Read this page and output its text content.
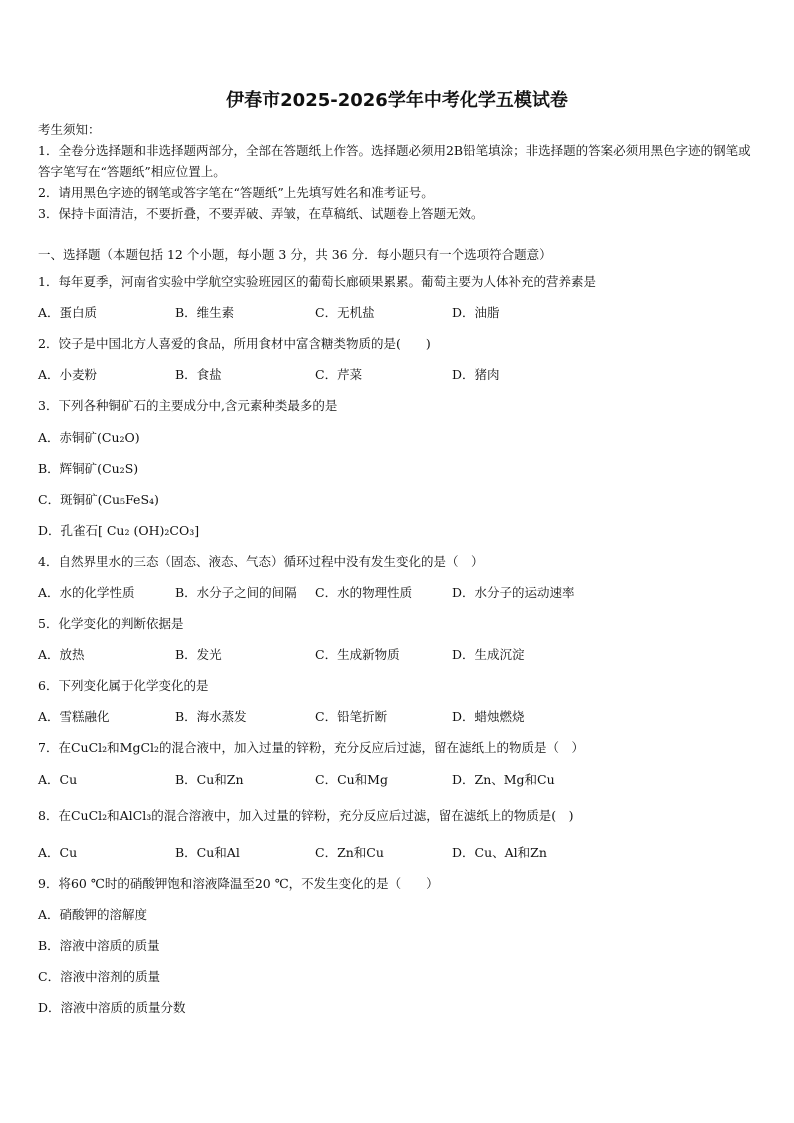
伊春市2025-2026学年中考化学五模试卷
考生须知：
1．全卷分选择题和非选择题两部分，全部在答题纸上作答。选择题必须用2B铅笔填涂；非选择题的答案必须用黑色字迹的钢笔或答字笔写在“答题纸”相应位置上。
2．请用黑色字迹的钢笔或答字笔在“答题纸”上先填写姓名和准考证号。
3．保持卡面清洁，不要折叠，不要弄破、弄皱，在草稿纸、试题卷上答题无效。
一、选择题（本题包括 12 个小题，每小题 3 分，共 36 分．每小题只有一个选项符合题意）
1．每年夏季，河南省实验中学航空实验班园区的葡萄长廊硕果累累。葡萄主要为人体补充的营养素是
A．蛋白质	B．维生素	C．无机盐	D．油脂
2．饺子是中国北方人喜爱的食品，所用食材中富含糖类物质的是(　　)
A．小麦粉	B．食盐	C．芹菜	D．猪肉
3．下列各种铜矿石的主要成分中,含元素种类最多的是
A．赤铜矿(Cu₂O)
B．辉铜矿(Cu₂S)
C．斑铜矿(Cu₅FeS₄)
D．孔雀石[ Cu₂ (OH)₂CO₃]
4．自然界里水的三态（固态、液态、气态）循环过程中没有发生变化的是（　）
A．水的化学性质	B．水分子之间的间隔 C．水的物理性质	D．水分子的运动速率
5．化学变化的判断依据是
A．放热	B．发光	C．生成新物质	D．生成沉淀
6．下列变化属于化学变化的是
A．雪糕融化	B．海水蒸发	C．铅笔折断	D．蜡烛燃烧
7．在CuCl₂和MgCl₂的混合液中，加入过量的锌粉，充分反应后过滤，留在滤纸上的物质是（　）
A．Cu	B．Cu和Zn	C．Cu和Mg	D．Zn、Mg和Cu
8．在CuCl₂和AlCl₃的混合溶液中，加入过量的锌粉，充分反应后过滤，留在滤纸上的物质是(　)
A．Cu	B．Cu和Al	C．Zn和Cu	D．Cu、Al和Zn
9．将60 ℃时的硝酸钾饱和溶液降温至20 ℃，不发生变化的是（　　）
A．硝酸钾的溶解度
B．溶液中溶质的质量
C．溶液中溶剂的质量
D．溶液中溶质的质量分数
